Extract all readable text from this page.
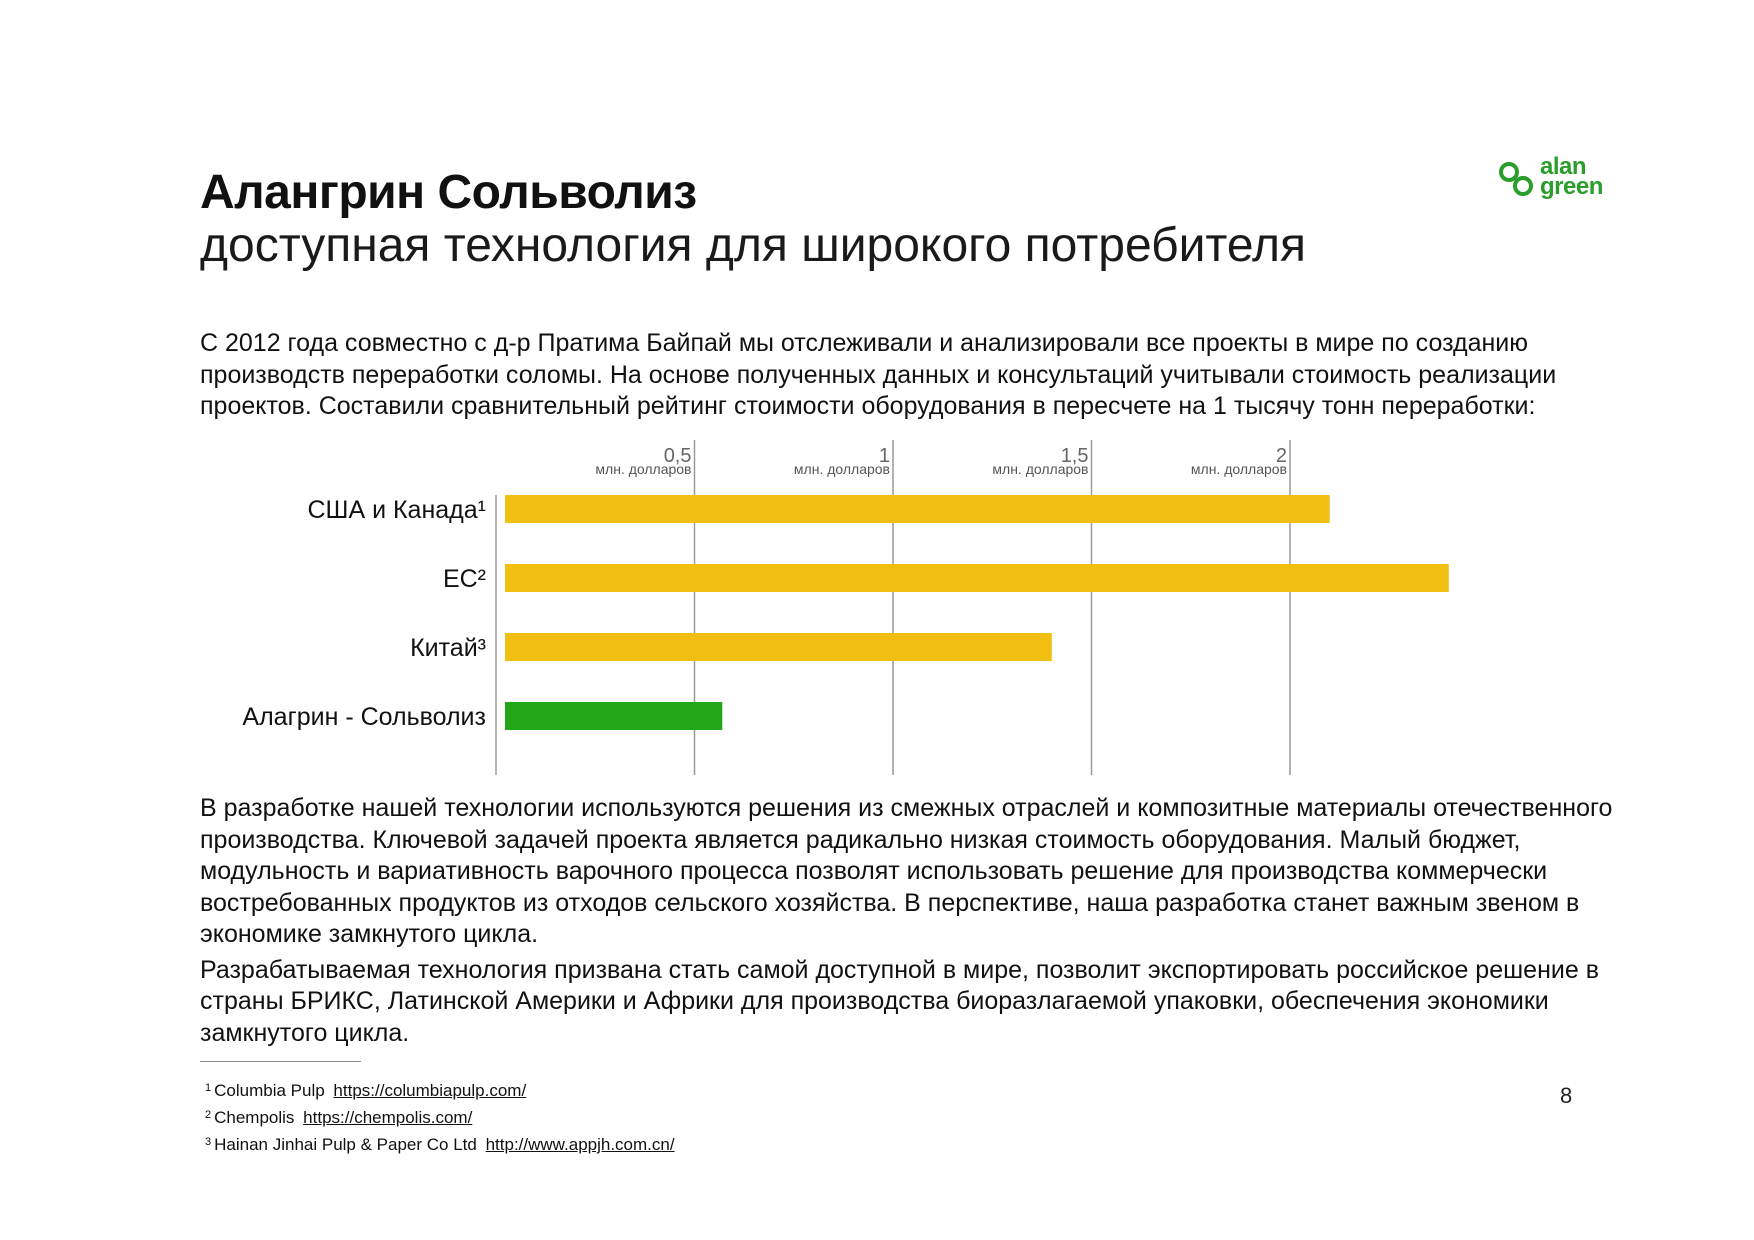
alan
green
Алангрин Сольволиз
доступная технология для широкого потребителя

С 2012 года совместно с д-р Пратима Байпай мы отслеживали и анализировали все проекты в мире по созданию производств переработки соломы. На основе полученных данных и консультаций учитывали стоимость реализации проектов. Составили сравнительный рейтинг стоимости оборудования в пересчете на 1 тысячу тонн переработки:

0,5
млн. долларов
1
млн. долларов
1,5
млн. долларов
2
млн. долларов
США и Канада¹
ЕС²
Китай³
Алагрин - Сольволиз

В разработке нашей технологии используются решения из смежных отраслей и композитные материалы отечественного производства. Ключевой задачей проекта является радикально низкая стоимость оборудования. Малый бюджет, модульность и вариативность варочного процесса позволят использовать решение для производства коммерчески востребованных продуктов из отходов сельского хозяйства. В перспективе, наша разработка станет важным звеном в экономике замкнутого цикла.

Разрабатываемая технология призвана стать самой доступной в мире, позволит экспортировать российское решение в страны БРИКС, Латинской Америки и Африки для производства биоразлагаемой упаковки, обеспечения экономики замкнутого цикла.

$^1$ Columbia Pulp https://columbiapulp.com/
$^2$ Chempolis https://chempolis.com/
$^3$ Hainan Jinhai Pulp & Paper Co Ltd http://www.appjh.com.cn/
8
